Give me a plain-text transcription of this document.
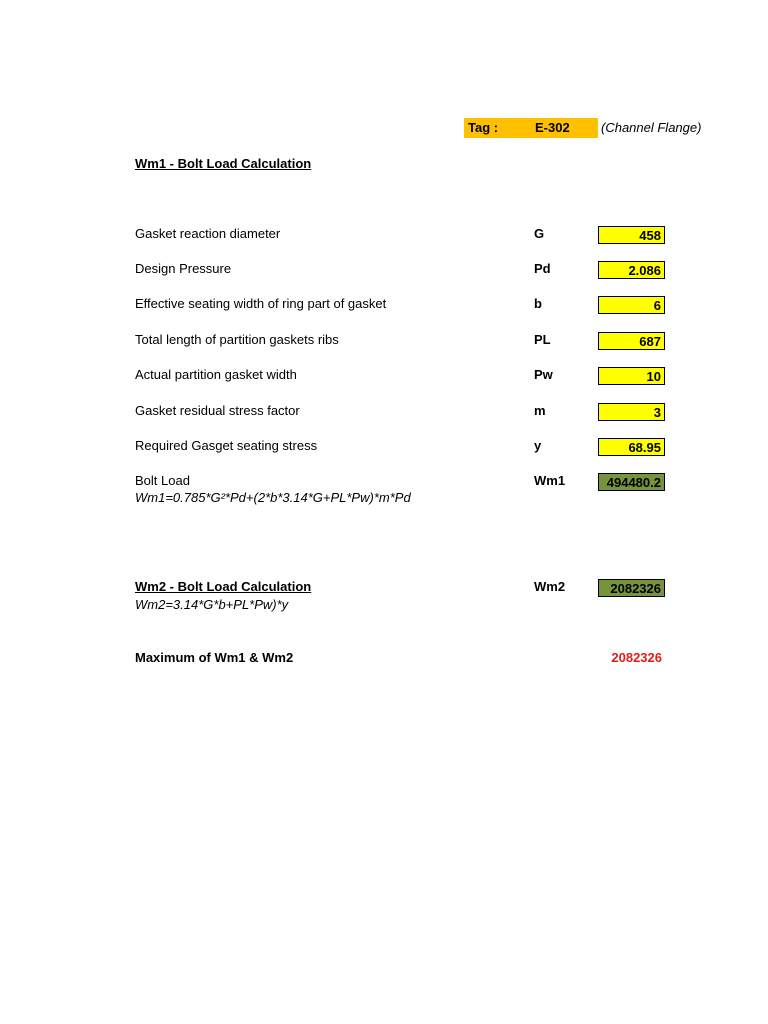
Tag :	E-302	(Channel Flange)
Wm1 - Bolt Load Calculation
Gasket reaction diameter	G	458
Design Pressure	Pd	2.086
Effective seating width of ring part of gasket	b	6
Total length of partition gaskets ribs	PL	687
Actual partition gasket width	Pw	10
Gasket residual stress factor	m	3
Required Gasget seating stress	y	68.95
Bolt Load
Wm1=0.785*G²*Pd+(2*b*3.14*G+PL*Pw)*m*Pd
Wm1	494480.2
Wm2 - Bolt Load Calculation
Wm2=3.14*G*b+PL*Pw)*y
Wm2	2082326
Maximum of Wm1 & Wm2	2082326
